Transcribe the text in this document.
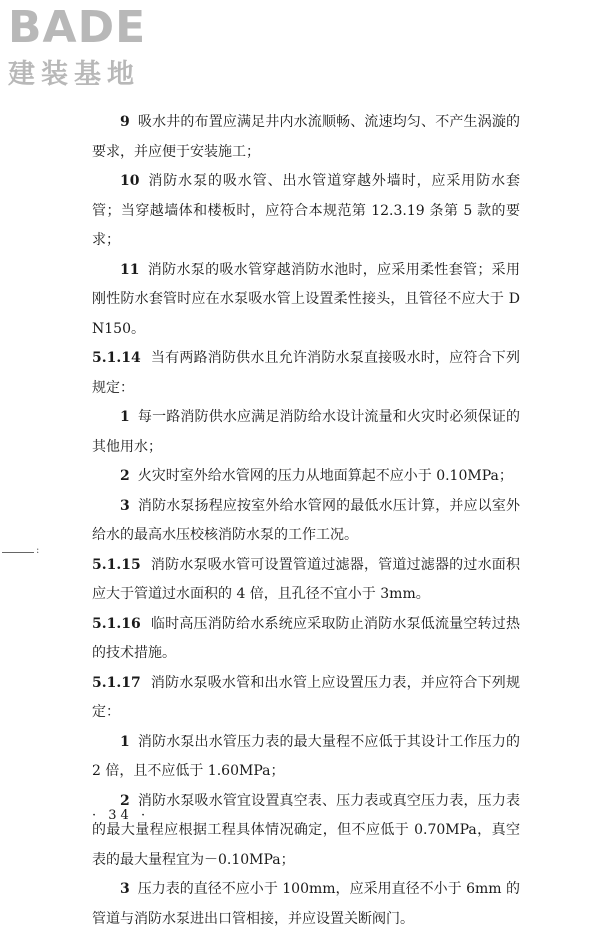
BADE
建装基地
:

9 吸水井的布置应满足井内水流顺畅、流速均匀、不产生涡漩的要求，并应便于安装施工；

10 消防水泵的吸水管、出水管道穿越外墙时，应采用防水套管；当穿越墙体和楼板时，应符合本规范第 12.3.19 条第 5 款的要求；

11 消防水泵的吸水管穿越消防水池时，应采用柔性套管；采用刚性防水套管时应在水泵吸水管上设置柔性接头，且管径不应大于 DN150。

5.1.14 当有两路消防供水且允许消防水泵直接吸水时，应符合下列规定：

1 每一路消防供水应满足消防给水设计流量和火灾时必须保证的其他用水；

2 火灾时室外给水管网的压力从地面算起不应小于 0.10MPa；

3 消防水泵扬程应按室外给水管网的最低水压计算，并应以室外给水的最高水压校核消防水泵的工作工况。

5.1.15 消防水泵吸水管可设置管道过滤器，管道过滤器的过水面积应大于管道过水面积的 4 倍，且孔径不宜小于 3mm。

5.1.16 临时高压消防给水系统应采取防止消防水泵低流量空转过热的技术措施。

5.1.17 消防水泵吸水管和出水管上应设置压力表，并应符合下列规定：

1 消防水泵出水管压力表的最大量程不应低于其设计工作压力的 2 倍，且不应低于 1.60MPa；

2 消防水泵吸水管宜设置真空表、压力表或真空压力表，压力表的最大量程应根据工程具体情况确定，但不应低于 0.70MPa，真空表的最大量程宜为－0.10MPa；

3 压力表的直径不应小于 100mm，应采用直径不小于 6mm 的管道与消防水泵进出口管相接，并应设置关断阀门。

· 34 ·
